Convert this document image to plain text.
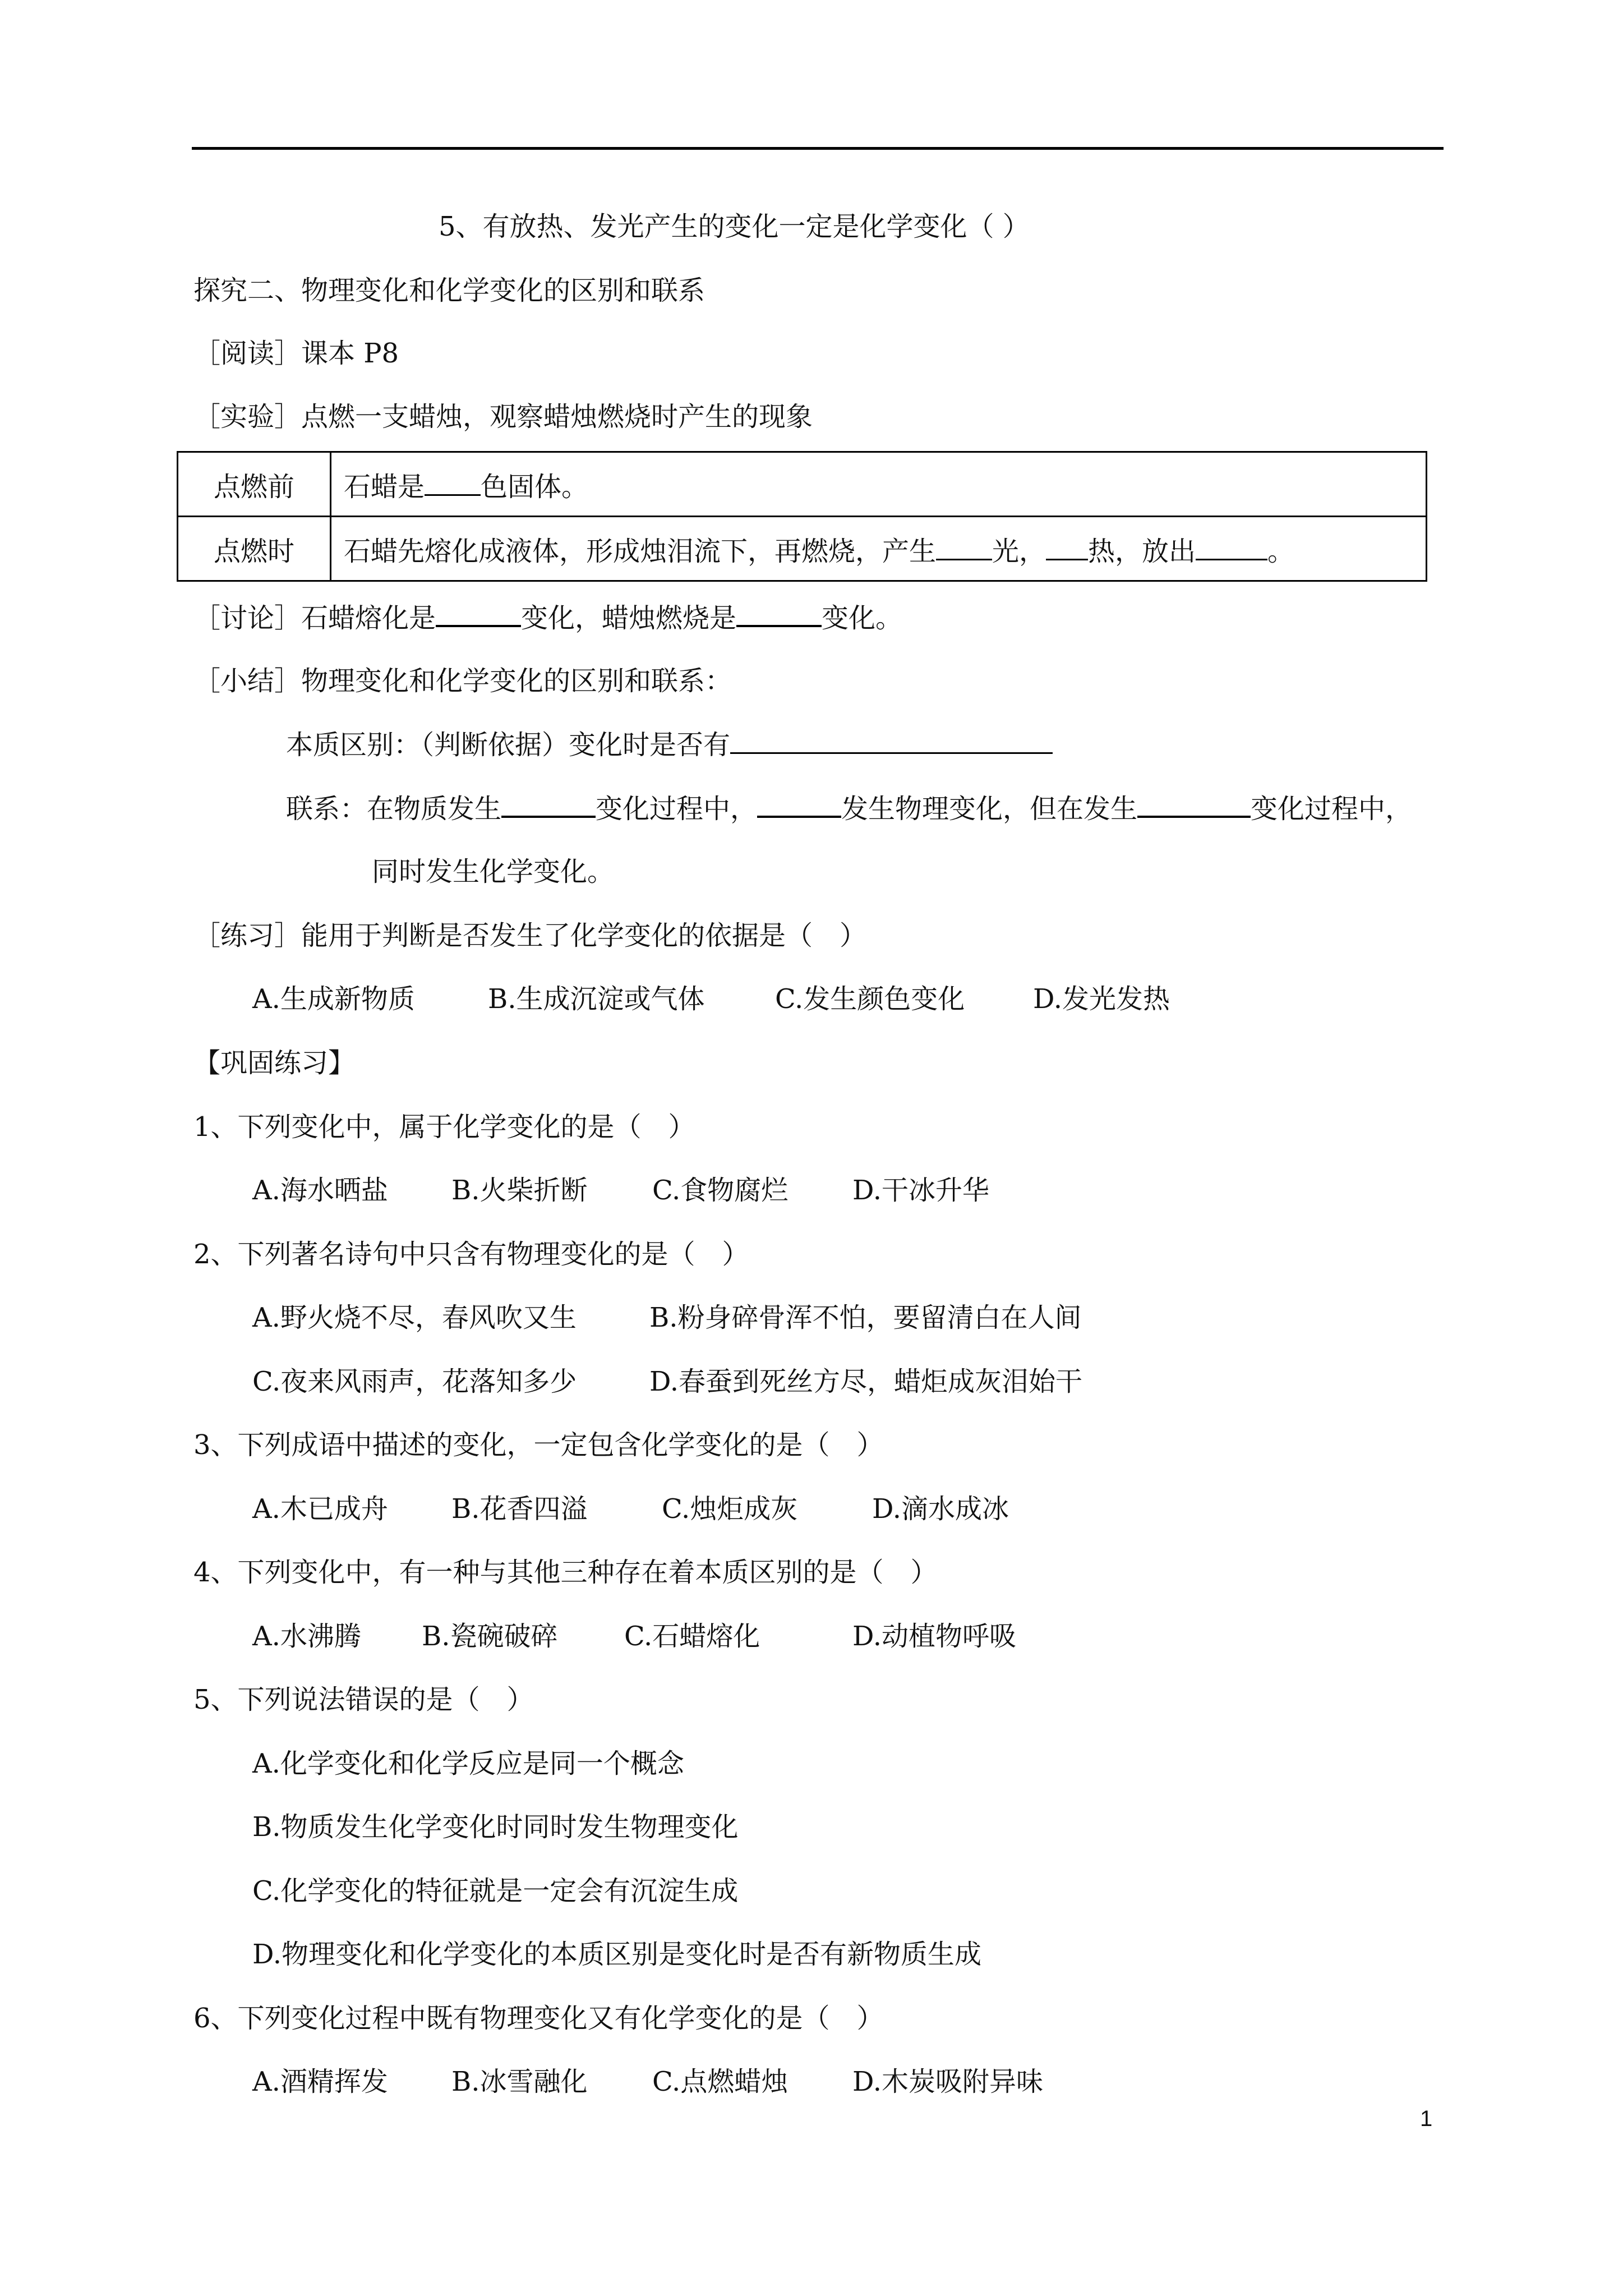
5、有放热、发光产生的变化一定是化学变化（ ）
探究二、物理变化和化学变化的区别和联系
［阅读］课本 P8
［实验］点燃一支蜡烛，观察蜡烛燃烧时产生的现象
点燃前	石蜡是 色固体。
点燃时	石蜡先熔化成液体，形成烛泪流下，再燃烧，产生 光， 热，放出 。
［讨论］石蜡熔化是	变化，蜡烛燃烧是	变化。
［小结］物理变化和化学变化的区别和联系：
本质区别：（判断依据）变化时是否有
联系：在物质发生	变化过程中，	发生物理变化，但在发生	变化过程中，
同时发生化学变化。
［练习］能用于判断是否发生了化学变化的依据是（　）
A.生成新物质	B.生成沉淀或气体	C.发生颜色变化	D.发光发热
【巩固练习】
1、下列变化中，属于化学变化的是（　）
A.海水晒盐 B.火柴折断 C.食物腐烂 D.干冰升华
2、下列著名诗句中只含有物理变化的是（　）
A.野火烧不尽，春风吹又生	B.粉身碎骨浑不怕，要留清白在人间
C.夜来风雨声，花落知多少	D.春蚕到死丝方尽，蜡炬成灰泪始干
3、下列成语中描述的变化，一定包含化学变化的是（　）
A.木已成舟 B.花香四溢	C.烛炬成灰	D.滴水成冰
4、下列变化中，有一种与其他三种存在着本质区别的是（　）
A.水沸腾 B.瓷碗破碎 C.石蜡熔化	D.动植物呼吸
5、下列说法错误的是（　）
A.化学变化和化学反应是同一个概念
B.物质发生化学变化时同时发生物理变化
C.化学变化的特征就是一定会有沉淀生成
D.物理变化和化学变化的本质区别是变化时是否有新物质生成
6、下列变化过程中既有物理变化又有化学变化的是（　）
A.酒精挥发 B.冰雪融化 C.点燃蜡烛 D.木炭吸附异味
1
